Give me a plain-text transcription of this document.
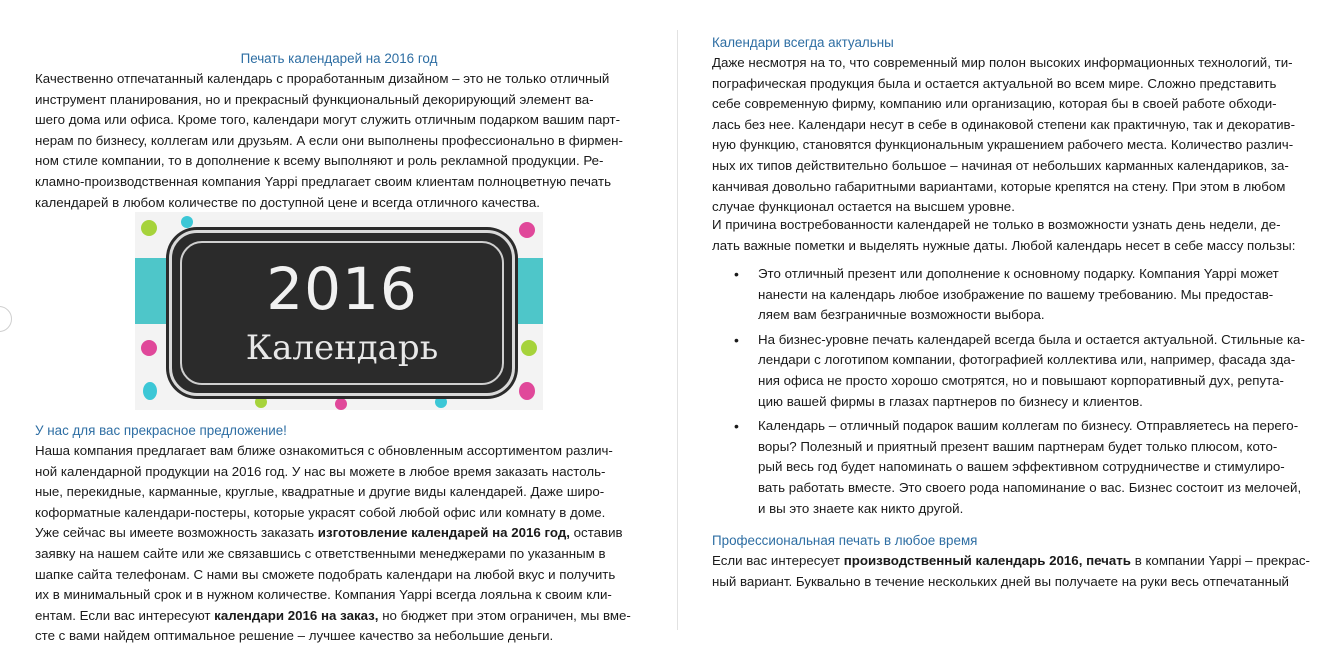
Печать календарей на 2016 год

Качественно отпечатанный календарь с проработанным дизайном – это не только отличный

инструмент планирования, но и прекрасный функциональный декорирующий элемент ва-

шего дома или офиса. Кроме того, календари могут служить отличным подарком вашим парт-

нерам по бизнесу, коллегам или друзьям. А если они выполнены профессионально в фирмен-

ном стиле компании, то в дополнение к всему выполняют и роль рекламной продукции. Ре-

кламно-производственная компания Yappi предлагает своим клиентам полноцветную печать

календарей в любом количестве по доступной цене и всегда отличного качества.

2016
Календарь
У нас для вас прекрасное предложение!

Наша компания предлагает вам ближе ознакомиться с обновленным ассортиментом различ-

ной календарной продукции на 2016 год. У нас вы можете в любое время заказать настоль-

ные, перекидные, карманные, круглые, квадратные и другие виды календарей. Даже широ-

коформатные календари-постеры, которые украсят собой любой офис или комнату в доме.

Уже сейчас вы имеете возможность заказать изготовление календарей на 2016 год, оставив

заявку на нашем сайте или же связавшись с ответственными менеджерами по указанным в

шапке сайта телефонам. С нами вы сможете подобрать календари на любой вкус и получить

их в минимальный срок и в нужном количестве. Компания Yappi всегда лояльна к своим кли-

ентам. Если вас интересуют календари 2016 на заказ, но бюджет при этом ограничен, мы вме-

сте с вами найдем оптимальное решение – лучшее качество за небольшие деньги.

Календари всегда актуальны

Даже несмотря на то, что современный мир полон высоких информационных технологий, ти-

пографическая продукция была и остается актуальной во всем мире. Сложно представить

себе современную фирму, компанию или организацию, которая бы в своей работе обходи-

лась без нее. Календари несут в себе в одинаковой степени как практичную, так и декоратив-

ную функцию, становятся функциональным украшением рабочего места. Количество различ-

ных их типов действительно большое – начиная от небольших карманных календариков, за-

канчивая довольно габаритными вариантами, которые крепятся на стену. При этом в любом

случае функционал остается на высшем уровне.

И причина востребованности календарей не только в возможности узнать день недели, де-

лать важные пометки и выделять нужные даты. Любой календарь несет в себе массу пользы:

• Это отличный презент или дополнение к основному подарку. Компания Yappi может

нанести на календарь любое изображение по вашему требованию. Мы предостав-

ляем вам безграничные возможности выбора.

• На бизнес-уровне печать календарей всегда была и остается актуальной. Стильные ка-

лендари с логотипом компании, фотографией коллектива или, например, фасада зда-

ния офиса не просто хорошо смотрятся, но и повышают корпоративный дух, репута-

цию вашей фирмы в глазах партнеров по бизнесу и клиентов.

• Календарь – отличный подарок вашим коллегам по бизнесу. Отправляетесь на перего-

воры? Полезный и приятный презент вашим партнерам будет только плюсом, кото-

рый весь год будет напоминать о вашем эффективном сотрудничестве и стимулиро-

вать работать вместе. Это своего рода напоминание о вас. Бизнес состоит из мелочей,

и вы это знаете как никто другой.

Профессиональная печать в любое время

Если вас интересует производственный календарь 2016, печать в компании Yappi – прекрас-

ный вариант. Буквально в течение нескольких дней вы получаете на руки весь отпечатанный
